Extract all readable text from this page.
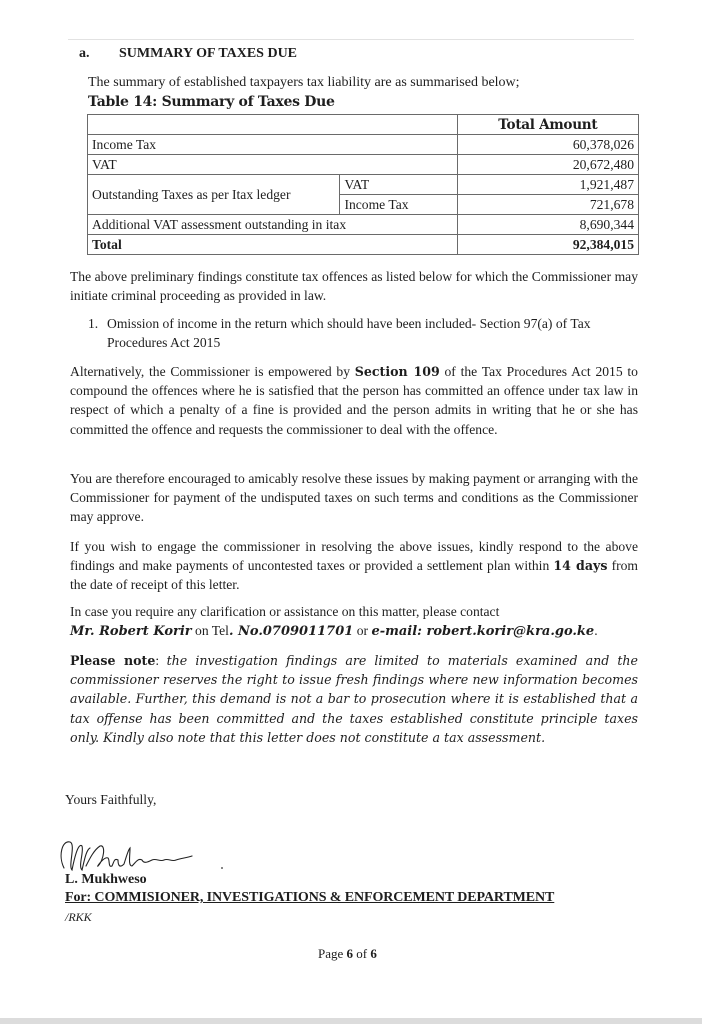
a. SUMMARY OF TAXES DUE
The summary of established taxpayers tax liability are as summarised below;
Table 14: Summary of Taxes Due
		Total Amount
Income Tax		60,378,026
VAT		20,672,480
Outstanding Taxes as per Itax ledger	VAT	1,921,487
	Income Tax	721,678
Additional VAT assessment outstanding in itax		8,690,344
Total		92,384,015
The above preliminary findings constitute tax offences as listed below for which the Commissioner may initiate criminal proceeding as provided in law.
1. Omission of income in the return which should have been included- Section 97(a) of Tax Procedures Act 2015
Alternatively, the Commissioner is empowered by Section 109 of the Tax Procedures Act 2015 to compound the offences where he is satisfied that the person has committed an offence under tax law in respect of which a penalty of a fine is provided and the person admits in writing that he or she has committed the offence and requests the commissioner to deal with the offence.
You are therefore encouraged to amicably resolve these issues by making payment or arranging with the Commissioner for payment of the undisputed taxes on such terms and conditions as the Commissioner may approve.
If you wish to engage the commissioner in resolving the above issues, kindly respond to the above findings and make payments of uncontested taxes or provided a settlement plan within 14 days from the date of receipt of this letter.
In case you require any clarification or assistance on this matter, please contact
Mr. Robert Korir on Tel. No.0709011701 or e-mail: robert.korir@kra.go.ke.
Please note: the investigation findings are limited to materials examined and the commissioner reserves the right to issue fresh findings where new information becomes available. Further, this demand is not a bar to prosecution where it is established that a tax offense has been committed and the taxes established constitute principle taxes only. Kindly also note that this letter does not constitute a tax assessment.
Yours Faithfully,
L. Mukhweso
For: COMMISIONER, INVESTIGATIONS & ENFORCEMENT DEPARTMENT
/RKK
Page 6 of 6
